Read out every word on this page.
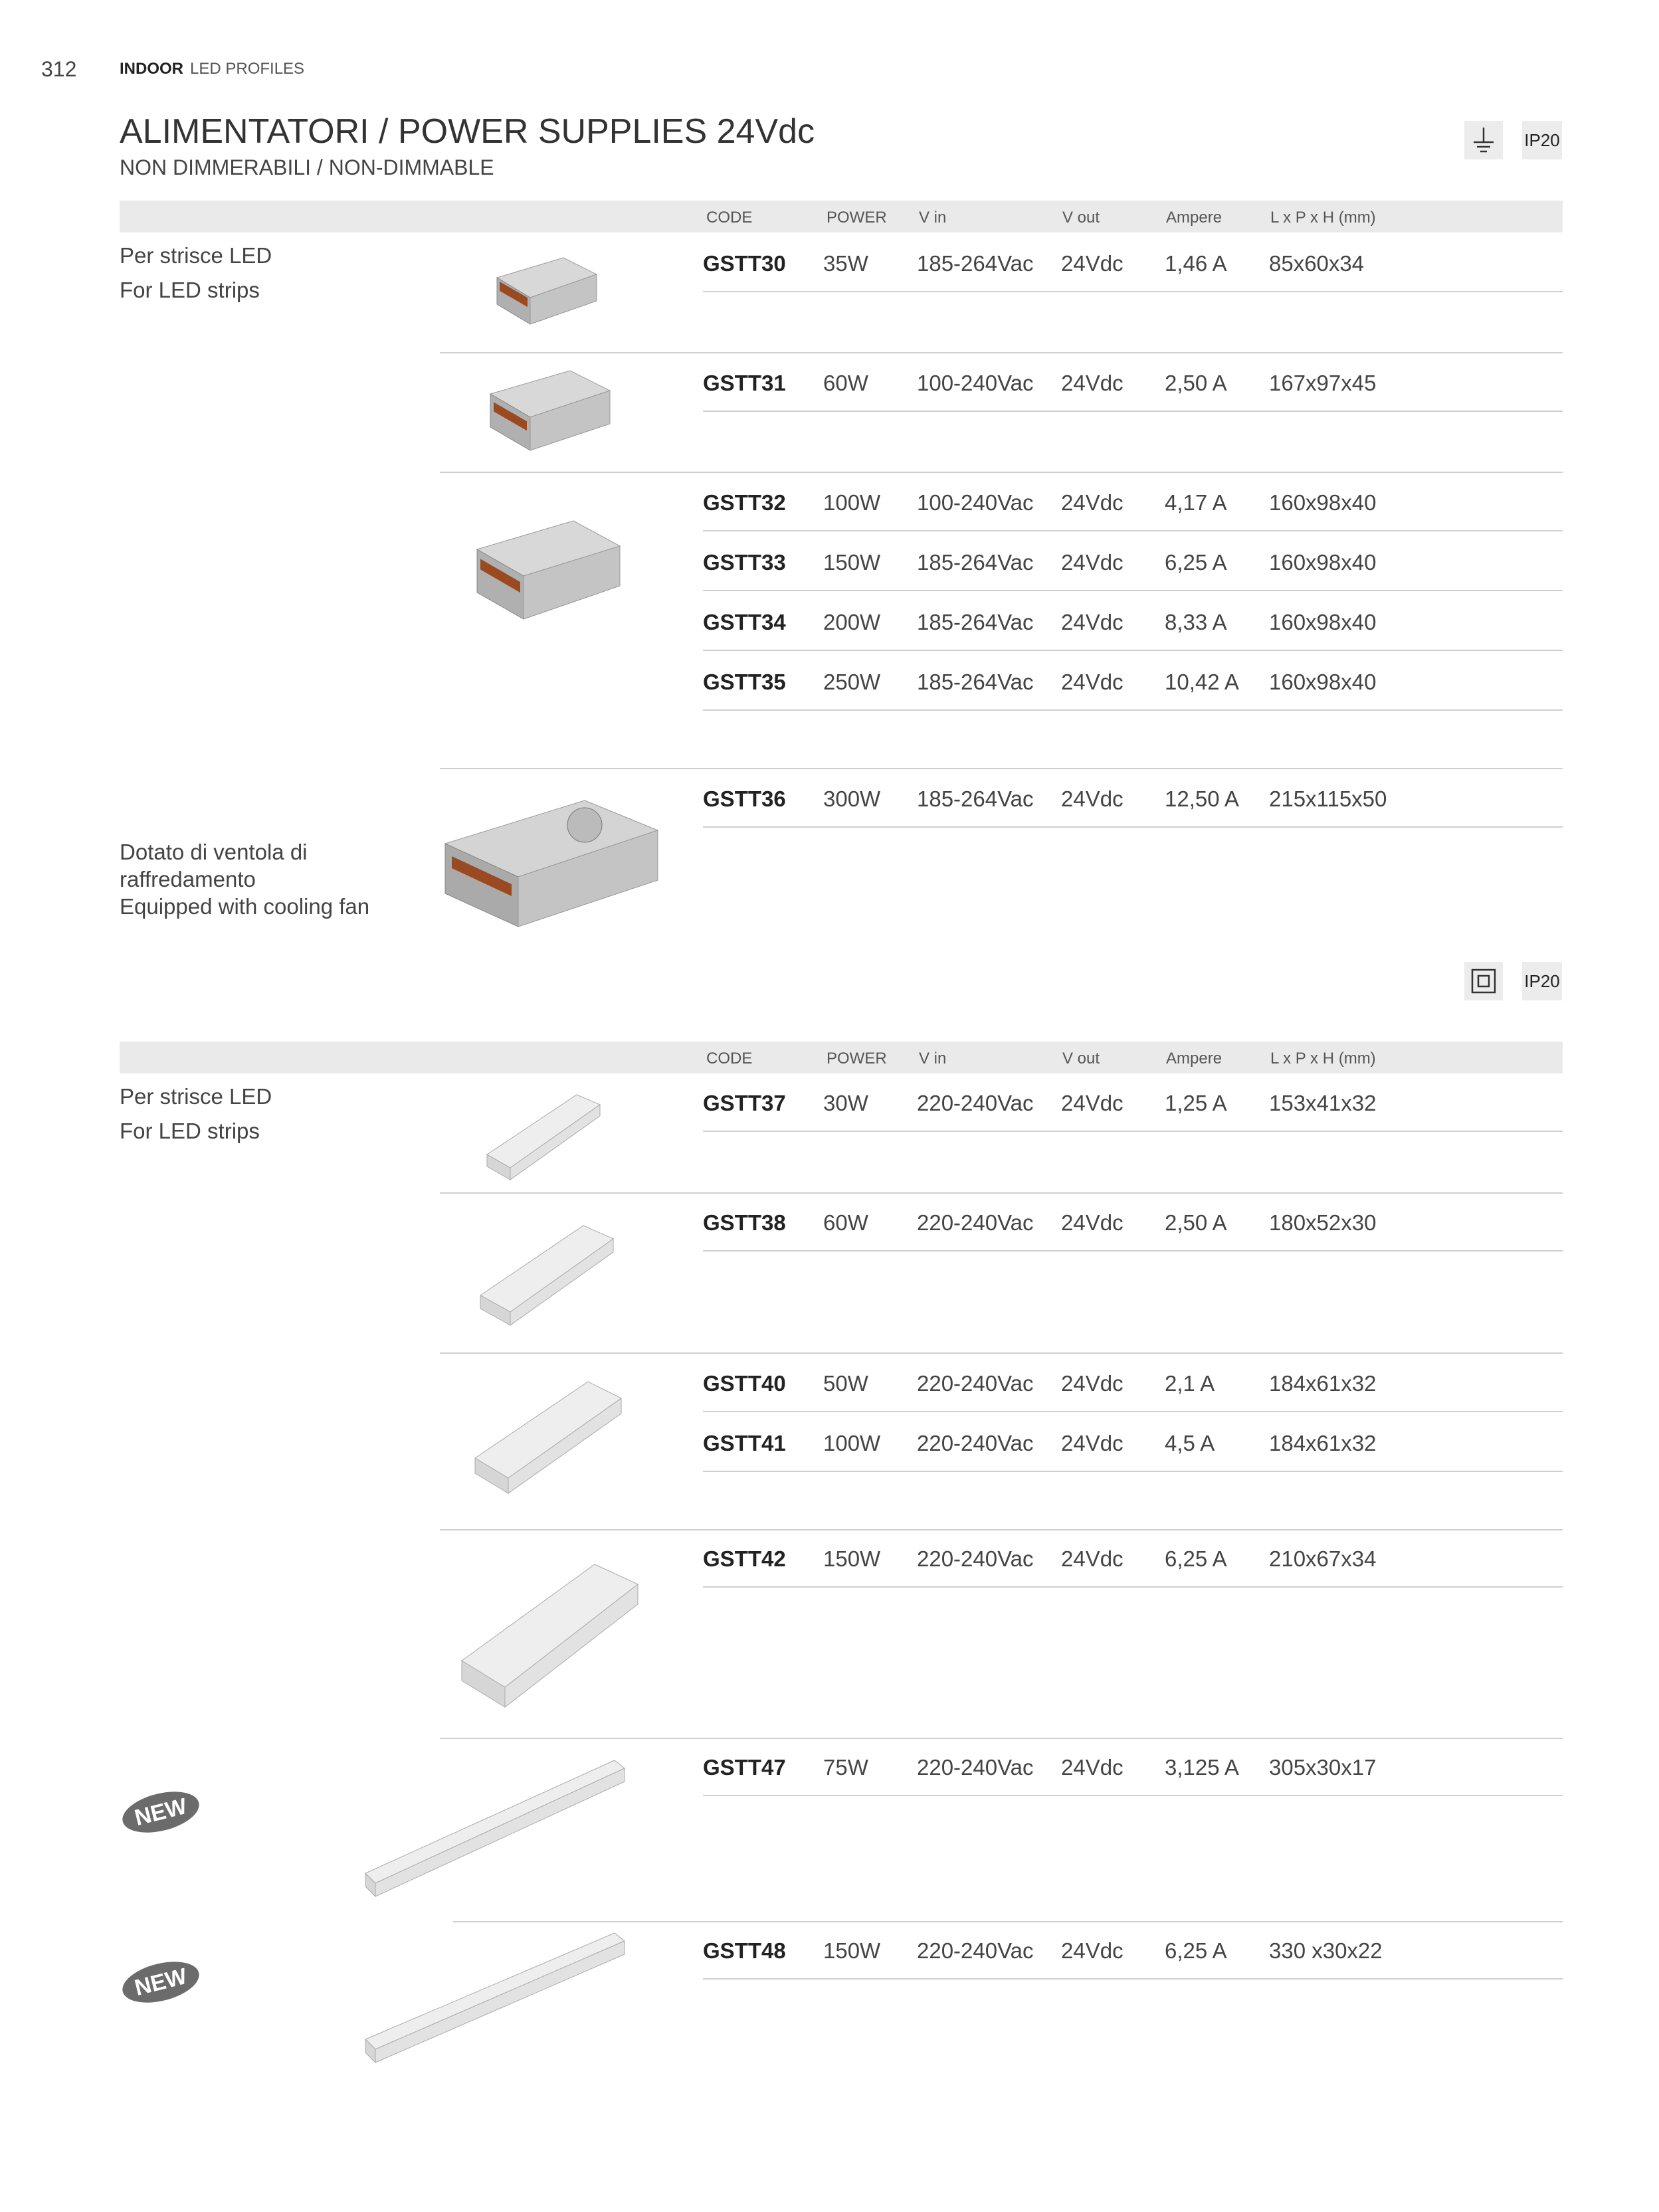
312	INDOOR LED PROFILES
ALIMENTATORI / POWER SUPPLIES 24Vdc
NON DIMMERABILI / NON-DIMMABLE
IP20
CODE	POWER V in	V out	Ampere	L x P x H (mm)
Per strisce LED
For LED strips
Dotato di ventola di
raffredamento
Equipped with cooling fan
IP20
CODE	POWER V in	V out	Ampere	L x P x H (mm)
Per strisce LED
For LED strips
NEW
NEW
GSTT30 35W 185-264Vac 24Vdc 1,46 A 85x60x34
GSTT31 60W 100-240Vac 24Vdc 2,50 A 167x97x45
GSTT32 100W 100-240Vac 24Vdc 4,17 A 160x98x40
GSTT33 150W 185-264Vac 24Vdc 6,25 A 160x98x40
GSTT34 200W 185-264Vac 24Vdc 8,33 A 160x98x40
GSTT35 250W 185-264Vac 24Vdc 10,42 A 160x98x40
GSTT36 300W 185-264Vac 24Vdc 12,50 A 215x115x50
GSTT37 30W 220-240Vac 24Vdc 1,25 A 153x41x32
GSTT38 60W 220-240Vac 24Vdc 2,50 A 180x52x30
GSTT40 50W 220-240Vac 24Vdc 2,1 A 184x61x32
GSTT41 100W 220-240Vac 24Vdc 4,5 A 184x61x32
GSTT42 150W 220-240Vac 24Vdc 6,25 A 210x67x34
GSTT47 75W 220-240Vac 24Vdc 3,125 A 305x30x17
GSTT48 150W 220-240Vac 24Vdc 6,25 A 330 x30x22
